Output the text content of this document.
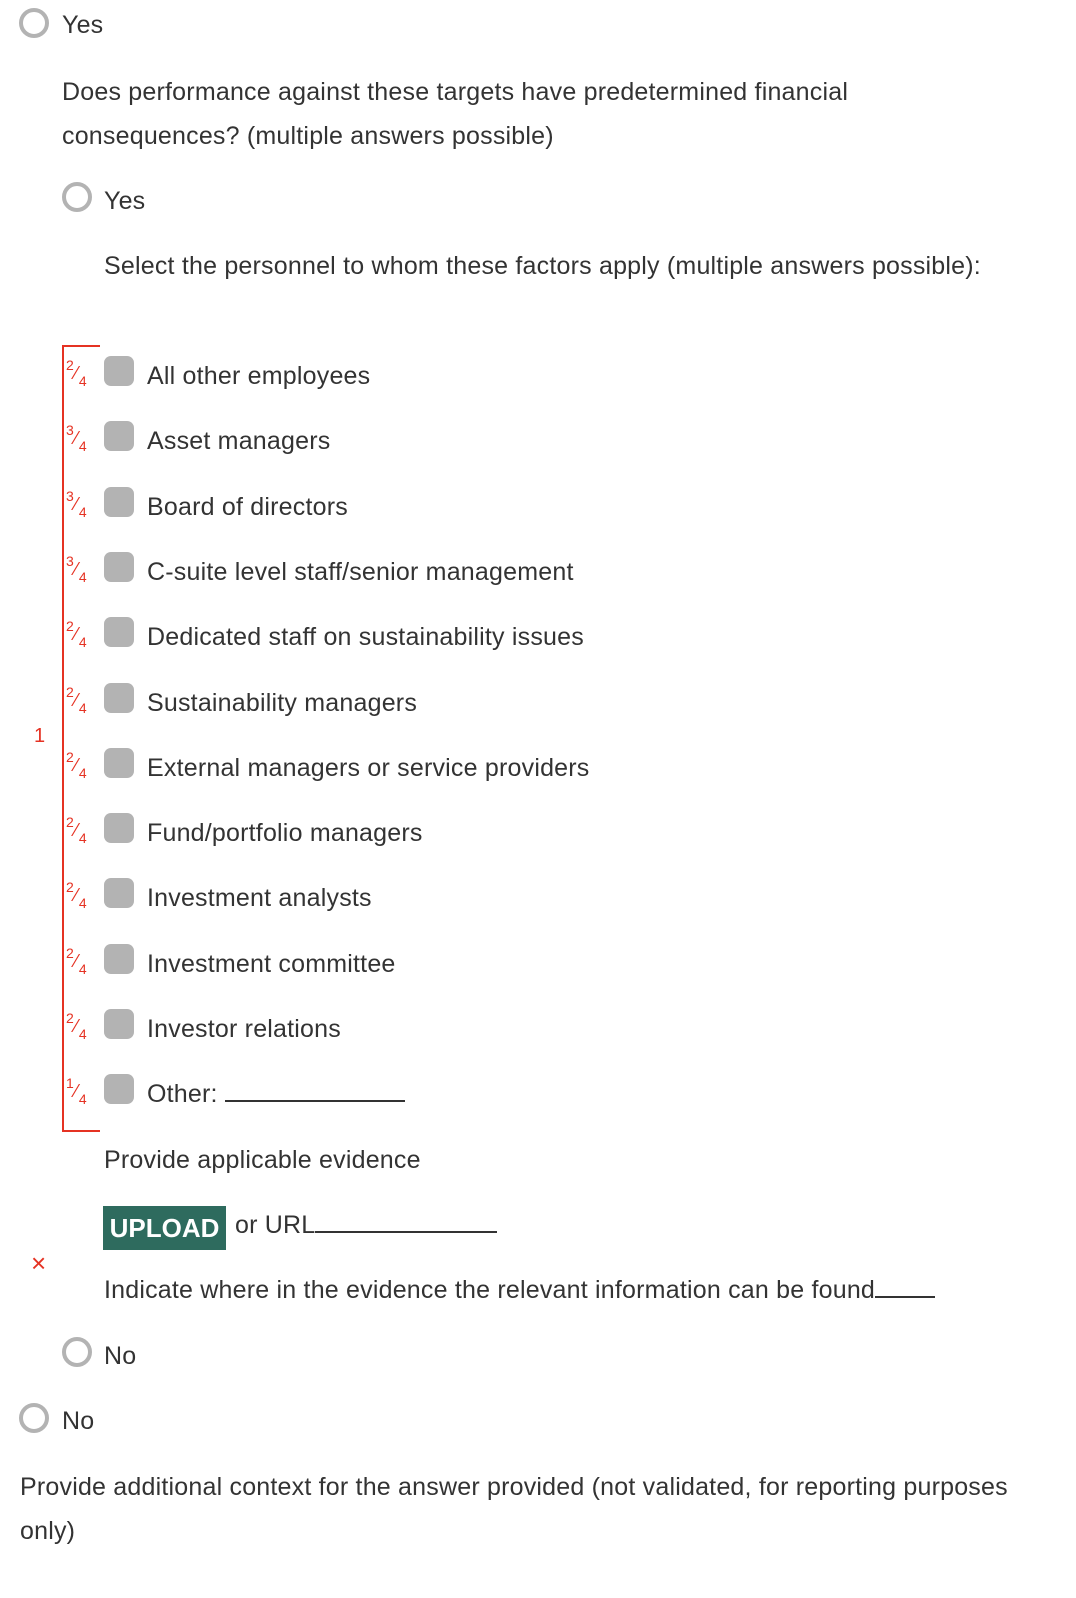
Yes
Does performance against these targets have predetermined financial consequences? (multiple answers possible)
Yes
Select the personnel to whom these factors apply (multiple answers possible):
1
2 ⁄ 4 All other employees
3 ⁄ 4 Asset managers
3 ⁄ 4 Board of directors
3 ⁄ 4 C-suite level staff/senior management
2 ⁄ 4 Dedicated staff on sustainability issues
2 ⁄ 4 Sustainability managers
2 ⁄ 4 External managers or service providers
2 ⁄ 4 Fund/portfolio managers
2 ⁄ 4 Investment analysts
2 ⁄ 4 Investment committee
2 ⁄ 4 Investor relations
1 ⁄ 4 Other:
Provide applicable evidence
UPLOAD or URL
×
Indicate where in the evidence the relevant information can be found
No
No
Provide additional context for the answer provided (not validated, for reporting purposes only)
